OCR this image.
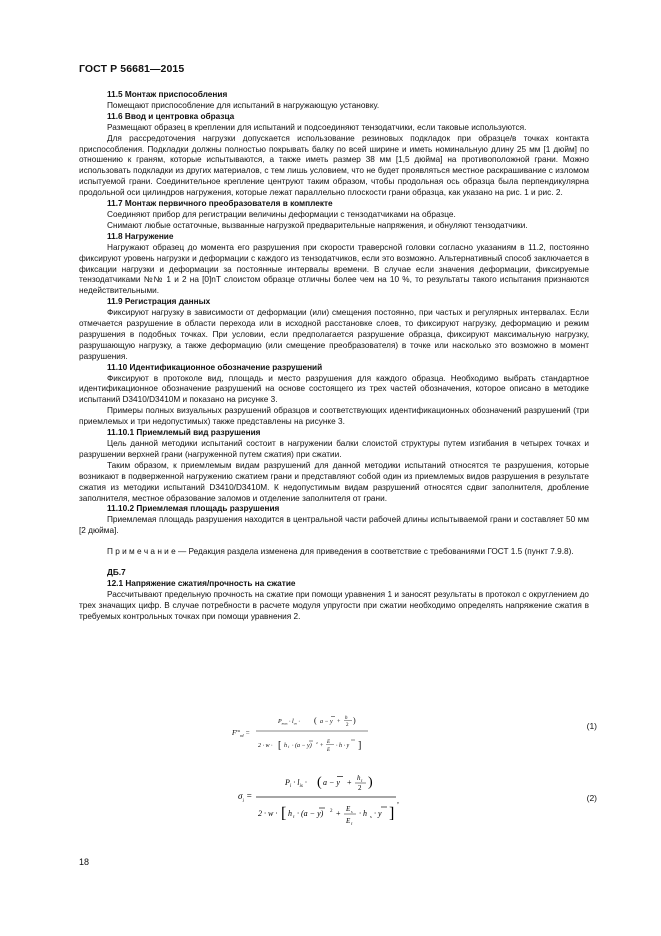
ГОСТ Р 56681—2015

11.5 Монтаж приспособления

Помещают приспособление для испытаний в нагружающую установку.

11.6 Ввод и центровка образца

Размещают образец в креплении для испытаний и подсоединяют тензодатчики, если таковые используются.

Для рассредоточения нагрузки допускается использование резиновых подкладок при образце/в точках контакта приспособления. Подкладки должны полностью покрывать балку по всей ширине и иметь номинальную длину 25 мм [1 дюйм] по отношению к граням, которые испытываются, а также иметь размер 38 мм [1,5 дюйма] на противоположной грани. Можно использовать подкладки из других материалов, с тем лишь условием, что не будет проявляться местное раскрашивание с изломом испытуемой грани. Соединительное крепление центруют таким образом, чтобы продольная ось образца была перпендикулярна продольной оси цилиндров нагружения, которые лежат параллельно плоскости грани образца, как указано на рис. 1 и рис. 2.

11.7 Монтаж первичного преобразователя в комплекте

Соединяют прибор для регистрации величины деформации с тензодатчиками на образце.

Снимают любые остаточные, вызванные нагрузкой предварительные напряжения, и обнуляют тензодатчики.

11.8 Нагружение

Нагружают образец до момента его разрушения при скорости траверсной головки согласно указаниям в 11.2, постоянно фиксируют уровень нагрузки и деформации с каждого из тензодатчиков, если это возможно. Альтернативный способ заключается в фиксации нагрузки и деформации за постоянные интервалы времени. В случае если значения деформации, фиксируемые тензодатчиками №№ 1 и 2 на [0]nT слоистом образце отличны более чем на 10 %, то результаты такого испытания признаются недействительными.

11.9 Регистрация данных

Фиксируют нагрузку в зависимости от деформации (или) смещения постоянно, при частых и регулярных интервалах. Если отмечается разрушение в области перехода или в исходной расстановке слоев, то фиксируют нагрузку, деформацию и режим разрушения в подобных точках. При условии, если предполагается разрушение образца, фиксируют максимальную нагрузку, разрушающую нагрузку, а также деформацию (или смещение преобразователя) в точке или насколько это возможно в момент разрушения.

11.10 Идентификационное обозначение разрушений

Фиксируют в протоколе вид, площадь и место разрушения для каждого образца. Необходимо выбрать стандартное идентификационное обозначение разрушений на основе состоящего из трех частей обозначения, которое описано в методике испытаний D3410/D3410M и показано на рисунке 3.

Примеры полных визуальных разрушений образцов и соответствующих идентификационных обозначений разрушений (три приемлемых и три недопустимых) также представлены на рисунке 3.

11.10.1 Приемлемый вид разрушения

Цель данной методики испытаний состоит в нагружении балки слоистой структуры путем изгибания в четырех точках и разрушении верхней грани (нагруженной путем сжатия) при сжатии.

Таким образом, к приемлемым видам разрушений для данной методики испытаний относятся те разрушения, которые возникают в подверженной нагружению сжатием грани и представляют собой один из приемлемых видов разрушения в результате сжатия из методики испытаний D3410/D3410M. К недопустимым видам разрушений относятся сдвиг заполнителя, дробление заполнителя, местное образование заломов и отделение заполнителя от грани.

11.10.2 Приемлемая площадь разрушения

Приемлемая площадь разрушения находится в центральной части рабочей длины испытываемой грани и составляет 50 мм [2 дюйма].

П р и м е ч а н и е — Редакция раздела изменена для приведения в соответствие с требованиями ГОСТ 1.5 (пункт 7.9.8).

ДБ.7

12.1 Напряжение сжатия/прочность на сжатие

Рассчитывают предельную прочность на сжатие при помощи уравнения 1 и заносят результаты в протокол с округлением до трех значащих цифр. В случае потребности в расчете модуля упругости при сжатии необходимо определять напряжение сжатия в требуемых контрольных точках при помощи уравнения 2.

$F^{cu}_{rd}$ =
$P_{max} \cdot l_{os}$ · ( a − y +
h
2
)
2 · w · [ h f · (a − y) 2 +
E
E
· h · y ]
(1)
$\sigma_i$ =
$P_i \cdot l_{is}$ · ( a − y + h f
2 )
2 · w · [ h f · (a − y) 2 + E s
E f
· h s · y ]
,	(2)
18
